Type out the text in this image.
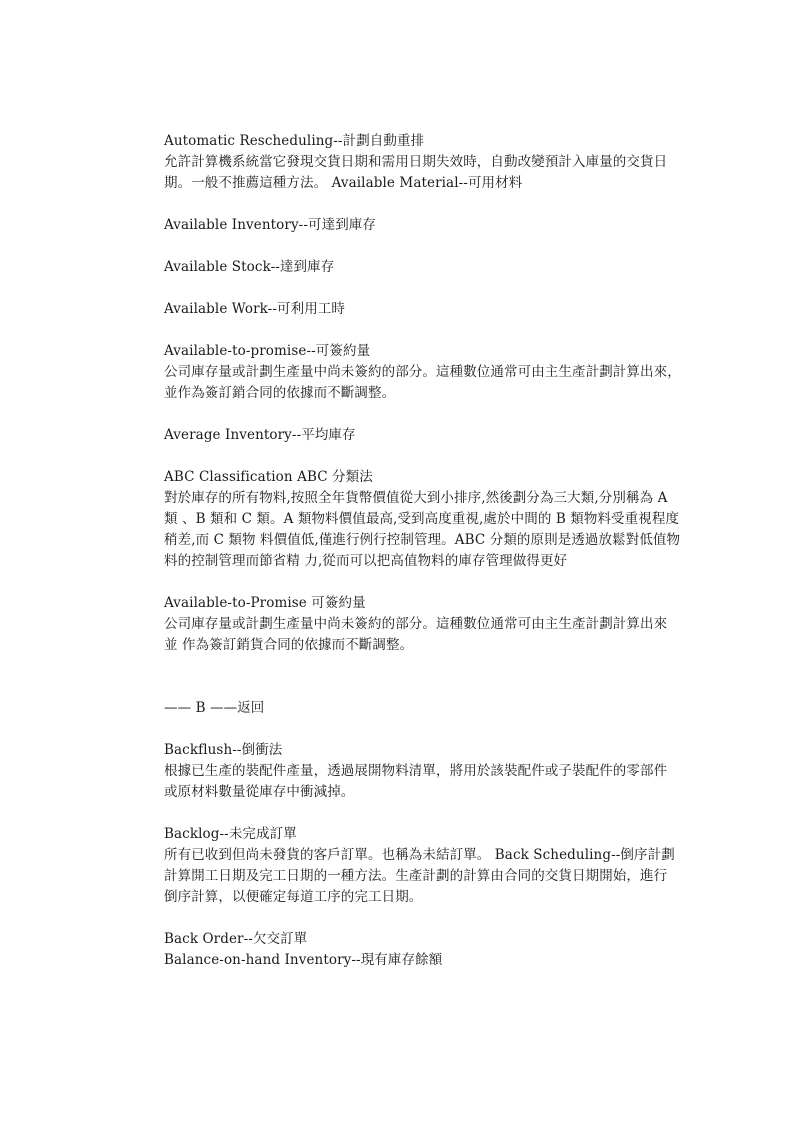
Automatic Rescheduling--計劃自動重排
允許計算機系統當它發現交貨日期和需用日期失效時，自動改變預計入庫量的交貨日
期。一般不推薦這種方法。 Available Material--可用材料
Available Inventory--可達到庫存
Available Stock--達到庫存
Available Work--可利用工時
Available-to-promise--可簽約量
公司庫存量或計劃生產量中尚未簽約的部分。這種數位通常可由主生產計劃計算出來，
並作為簽訂銷合同的依據而不斷調整。
Average Inventory--平均庫存
ABC Classification ABC 分類法
對於庫存的所有物料,按照全年貨幣價值從大到小排序,然後劃分為三大類,分別稱為 A
類 、B 類和 C 類。A 類物料價值最高,受到高度重視,處於中間的 B 類物料受重視程度
稍差,而 C 類物 料價值低,僅進行例行控制管理。ABC 分類的原則是透過放鬆對低值物
料的控制管理而節省精 力,從而可以把高值物料的庫存管理做得更好
Available-to-Promise 可簽約量
公司庫存量或計劃生產量中尚未簽約的部分。這種數位通常可由主生產計劃計算出來
並 作為簽訂銷貨合同的依據而不斷調整。
—— B ——返回
Backflush--倒衝法
根據已生產的裝配件產量，透過展開物料清單，將用於該裝配件或子裝配件的零部件
或原材料數量從庫存中衝減掉。
Backlog--未完成訂單
所有已收到但尚未發貨的客戶訂單。也稱為未結訂單。 Back Scheduling--倒序計劃
計算開工日期及完工日期的一種方法。生產計劃的計算由合同的交貨日期開始，進行
倒序計算，以便確定每道工序的完工日期。
Back Order--欠交訂單
Balance-on-hand Inventory--現有庫存餘額
